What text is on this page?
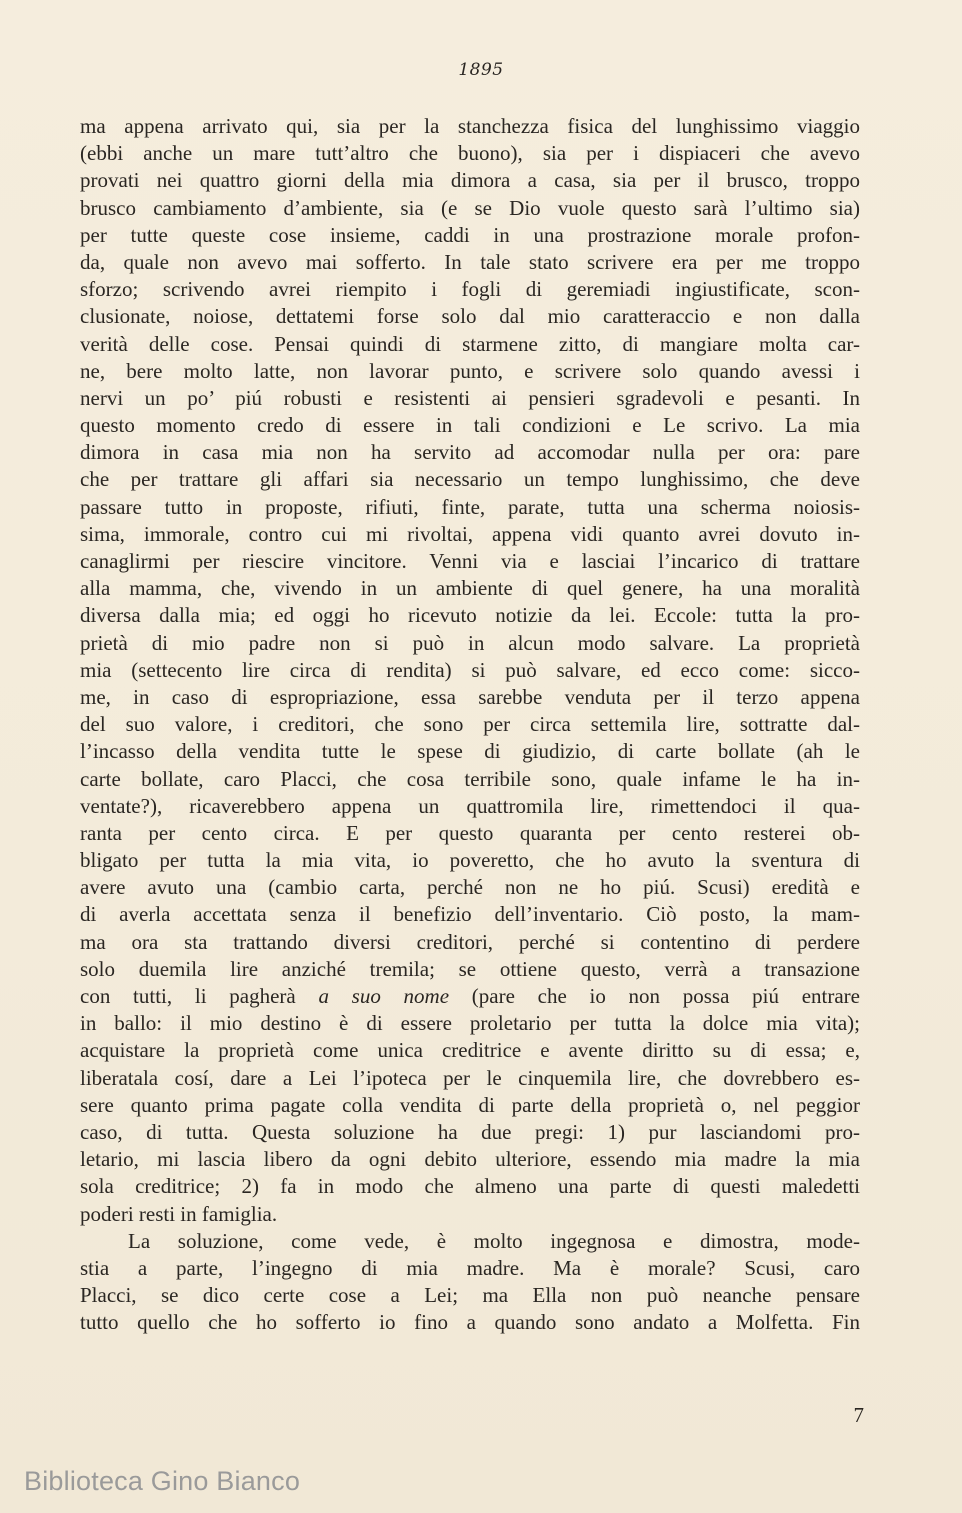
1895
ma appena arrivato qui, sia per la stanchezza fisica del lunghissimo viaggio
(ebbi anche un mare tutt’altro che buono), sia per i dispiaceri che avevo
provati nei quattro giorni della mia dimora a casa, sia per il brusco, troppo
brusco cambiamento d’ambiente, sia (e se Dio vuole questo sarà l’ultimo sia)
per tutte queste cose insieme, caddi in una prostrazione morale profon-
da, quale non avevo mai sofferto. In tale stato scrivere era per me troppo
sforzo; scrivendo avrei riempito i fogli di geremiadi ingiustificate, scon-
clusionate, noiose, dettatemi forse solo dal mio caratteraccio e non dalla
verità delle cose. Pensai quindi di starmene zitto, di mangiare molta car-
ne, bere molto latte, non lavorar punto, e scrivere solo quando avessi i
nervi un po’ piú robusti e resistenti ai pensieri sgradevoli e pesanti. In
questo momento credo di essere in tali condizioni e Le scrivo. La mia
dimora in casa mia non ha servito ad accomodar nulla per ora: pare
che per trattare gli affari sia necessario un tempo lunghissimo, che deve
passare tutto in proposte, rifiuti, finte, parate, tutta una scherma noiosis-
sima, immorale, contro cui mi rivoltai, appena vidi quanto avrei dovuto in-
canaglirmi per riescire vincitore. Venni via e lasciai l’incarico di trattare
alla mamma, che, vivendo in un ambiente di quel genere, ha una moralità
diversa dalla mia; ed oggi ho ricevuto notizie da lei. Eccole: tutta la pro-
prietà di mio padre non si può in alcun modo salvare. La proprietà
mia (settecento lire circa di rendita) si può salvare, ed ecco come: sicco-
me, in caso di espropriazione, essa sarebbe venduta per il terzo appena
del suo valore, i creditori, che sono per circa settemila lire, sottratte dal-
l’incasso della vendita tutte le spese di giudizio, di carte bollate (ah le
carte bollate, caro Placci, che cosa terribile sono, quale infame le ha in-
ventate?), ricaverebbero appena un quattromila lire, rimettendoci il qua-
ranta per cento circa. E per questo quaranta per cento resterei ob-
bligato per tutta la mia vita, io poveretto, che ho avuto la sventura di
avere avuto una (cambio carta, perché non ne ho piú. Scusi) eredità e
di averla accettata senza il benefizio dell’inventario. Ciò posto, la mam-
ma ora sta trattando diversi creditori, perché si contentino di perdere
solo duemila lire anziché tremila; se ottiene questo, verrà a transazione
con tutti, li pagherà a suo nome (pare che io non possa piú entrare
in ballo: il mio destino è di essere proletario per tutta la dolce mia vita);
acquistare la proprietà come unica creditrice e avente diritto su di essa; e,
liberatala cosí, dare a Lei l’ipoteca per le cinquemila lire, che dovrebbero es-
sere quanto prima pagate colla vendita di parte della proprietà o, nel peggior
caso, di tutta. Questa soluzione ha due pregi: 1) pur lasciandomi pro-
letario, mi lascia libero da ogni debito ulteriore, essendo mia madre la mia
sola creditrice; 2) fa in modo che almeno una parte di questi maledetti
poderi resti in famiglia.
La soluzione, come vede, è molto ingegnosa e dimostra, mode-
stia a parte, l’ingegno di mia madre. Ma è morale? Scusi, caro
Placci, se dico certe cose a Lei; ma Ella non può neanche pensare
tutto quello che ho sofferto io fino a quando sono andato a Molfetta. Fin
7
Biblioteca Gino Bianco
